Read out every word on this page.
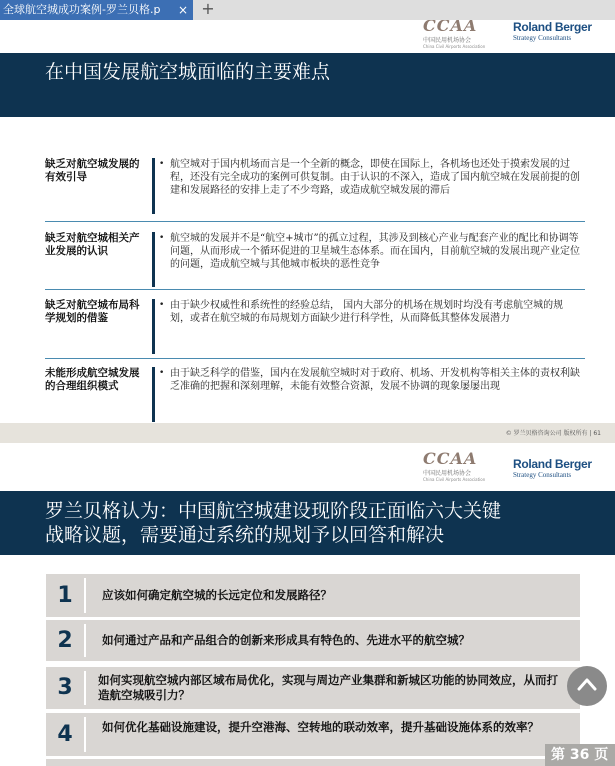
全球航空城成功案例-罗兰贝格.p	× +
CCAA
中国民用机场协会
China Civil Airports Association
Roland Berger
Strategy Consultants
在中国发展航空城面临的主要难点
缺乏对航空城发展的有效引导
• 航空城对于国内机场而言是一个全新的概念，即使在国际上，各机场也还处于摸索发展的过程，还没有完全成功的案例可供复制。由于认识的不深入，造成了国内航空城在发展前提的创建和发展路径的安排上走了不少弯路，或造成航空城发展的滞后
缺乏对航空城相关产业发展的认识
• 航空城的发展并不是“航空+城市”的孤立过程，其涉及到核心产业与配套产业的配比和协调等问题，从而形成一个循环促进的卫星城生态体系。而在国内，目前航空城的发展出现产业定位的问题，造成航空城与其他城市板块的恶性竞争
缺乏对航空城布局科学规划的借鉴
• 由于缺少权威性和系统性的经验总结， 国内大部分的机场在规划时均没有考虑航空城的规划，或者在航空城的布局规划方面缺少进行科学性，从而降低其整体发展潜力
未能形成航空城发展的合理组织模式
• 由于缺乏科学的借鉴，国内在发展航空城时对于政府、机场、开发机构等相关主体的责权利缺乏准确的把握和深刻理解，未能有效整合资源，发展不协调的现象屡屡出现
© 罗兰贝格咨询公司 版权所有 | 61
CCAA
中国民用机场协会
China Civil Airports Association
Roland Berger
Strategy Consultants
罗兰贝格认为：中国航空城建设现阶段正面临六大关键
战略议题，需要通过系统的规划予以回答和解决
1	应该如何确定航空城的长远定位和发展路径？
2	如何通过产品和产品组合的创新来形成具有特色的、先进水平的航空城？
3	如何实现航空城内部区域布局优化，实现与周边产业集群和新城区功能的协同效应，从而打造航空城吸引力？
4	如何优化基础设施建设，提升空港海、空转地的联动效率，提升基础设施体系的效率？
第 36 页
